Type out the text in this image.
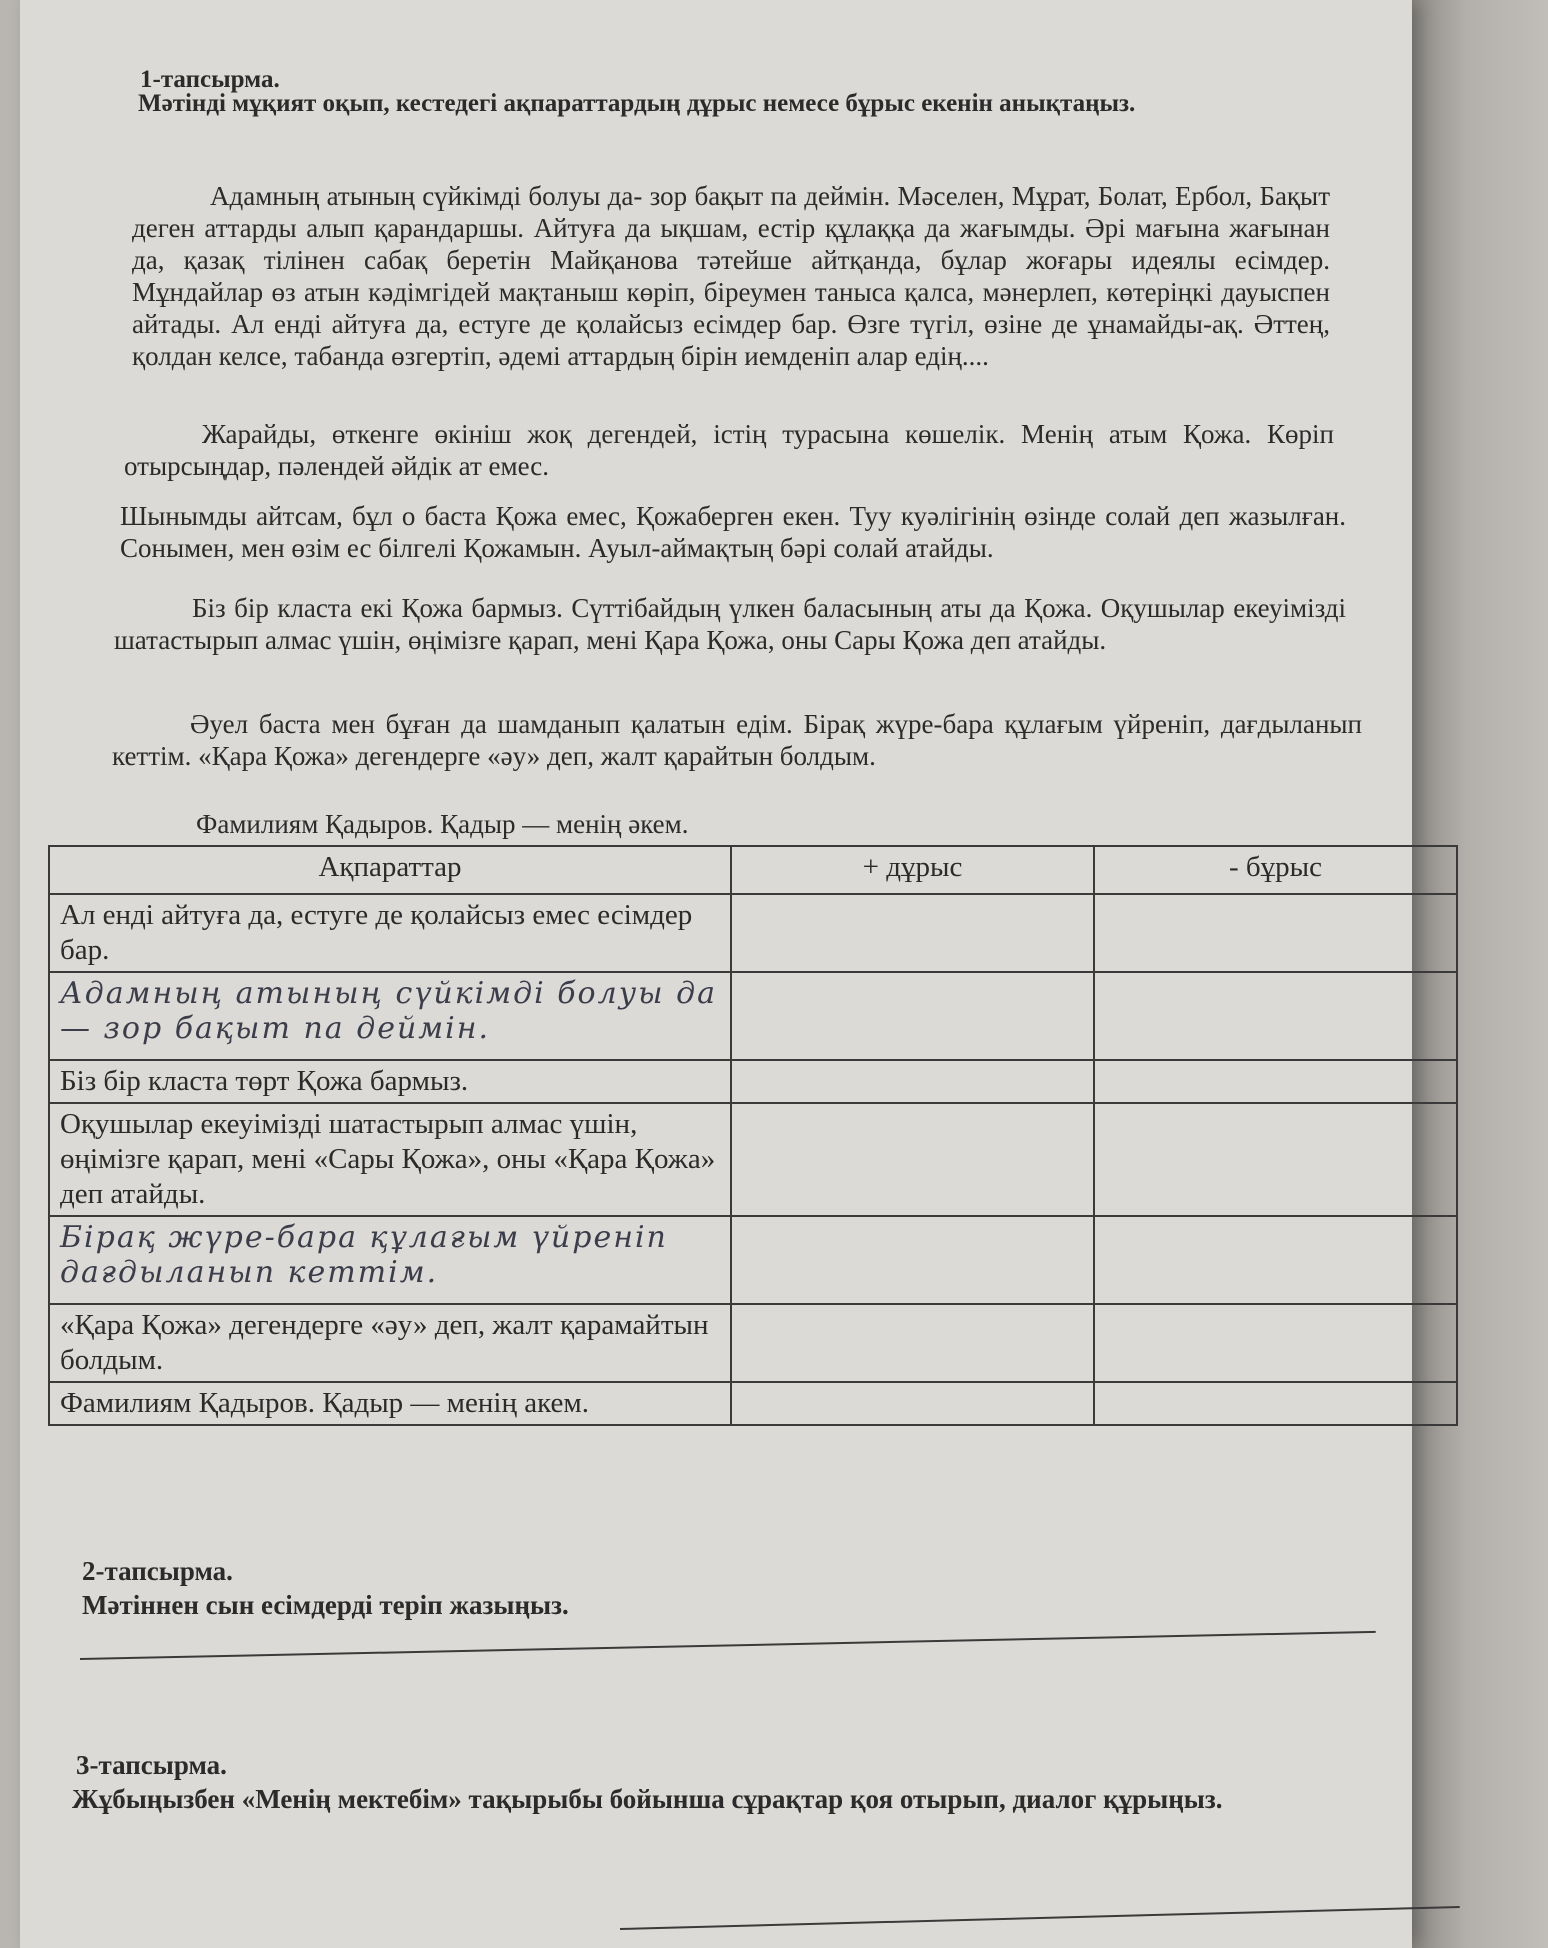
1-тапсырма.
Мәтінді мұқият оқып, кестедегі ақпараттардың дұрыс немесе бұрыс екенін анықтаңыз.

Адамның атының сүйкімді болуы да- зор бақыт па деймін. Мәселен, Мұрат, Болат, Ербол, Бақыт деген аттарды алып қарандаршы. Айтуға да ықшам, естір құлаққа да жағымды. Әрі мағына жағынан да, қазақ тілінен сабақ беретін Майқанова тәтейше айтқанда, бұлар жоғары идеялы есімдер. Мұндайлар өз атын кәдімгідей мақтаныш көріп, біреумен таныса қалса, мәнерлеп, көтеріңкі дауыспен айтады. Ал енді айтуға да, естуге де қолайсыз есімдер бар. Өзге түгіл, өзіне де ұнамайды-ақ. Әттең, қолдан келсе, табанда өзгертіп, әдемі аттардың бірін иемденіп алар едің....

Жарайды, өткенге өкініш жоқ дегендей, істің турасына көшелік. Менің атым Қожа. Көріп отырсыңдар, пәлендей әйдік ат емес.

Шынымды айтсам, бұл о баста Қожа емес, Қожаберген екен. Туу куәлігінің өзінде солай деп жазылған. Сонымен, мен өзім ес білгелі Қожамын. Ауыл-аймақтың бәрі солай атайды.

Біз бір класта екі Қожа бармыз. Сүттібайдың үлкен баласының аты да Қожа. Оқушылар екеуімізді шатастырып алмас үшін, өңімізге қарап, мені Қара Қожа, оны Сары Қожа деп атайды.

Әуел баста мен бұған да шамданып қалатын едім. Бірақ жүре-бара құлағым үйреніп, дағдыланып кеттім. «Қара Қожа» дегендерге «әу» деп, жалт қарайтын болдым.

Фамилиям Қадыров. Қадыр — менің әкем.

Ақпараттар	+ дұрыс	- бұрыс
Ал енді айтуға да, естуге де қолайсыз емес есімдер бар.		
Адамның атының сүйкімді болуы да — зор бақыт па деймін.		
Біз бір класта төрт Қожа бармыз.		
Оқушылар екеуімізді шатастырып алмас үшін, өңімізге қарап, мені «Сары Қожа», оны «Қара Қожа» деп атайды.		
Бірақ жүре-бара құлағым үйреніп дағдыланып кеттім.		
«Қара Қожа» дегендерге «әу» деп, жалт қарамайтын болдым.		
Фамилиям Қадыров. Қадыр — менің акем.		
2-тапсырма.
Мәтіннен сын есімдерді теріп жазыңыз.
3-тапсырма.
Жұбыңызбен «Менің мектебім» тақырыбы бойынша сұрақтар қоя отырып, диалог құрыңыз.
